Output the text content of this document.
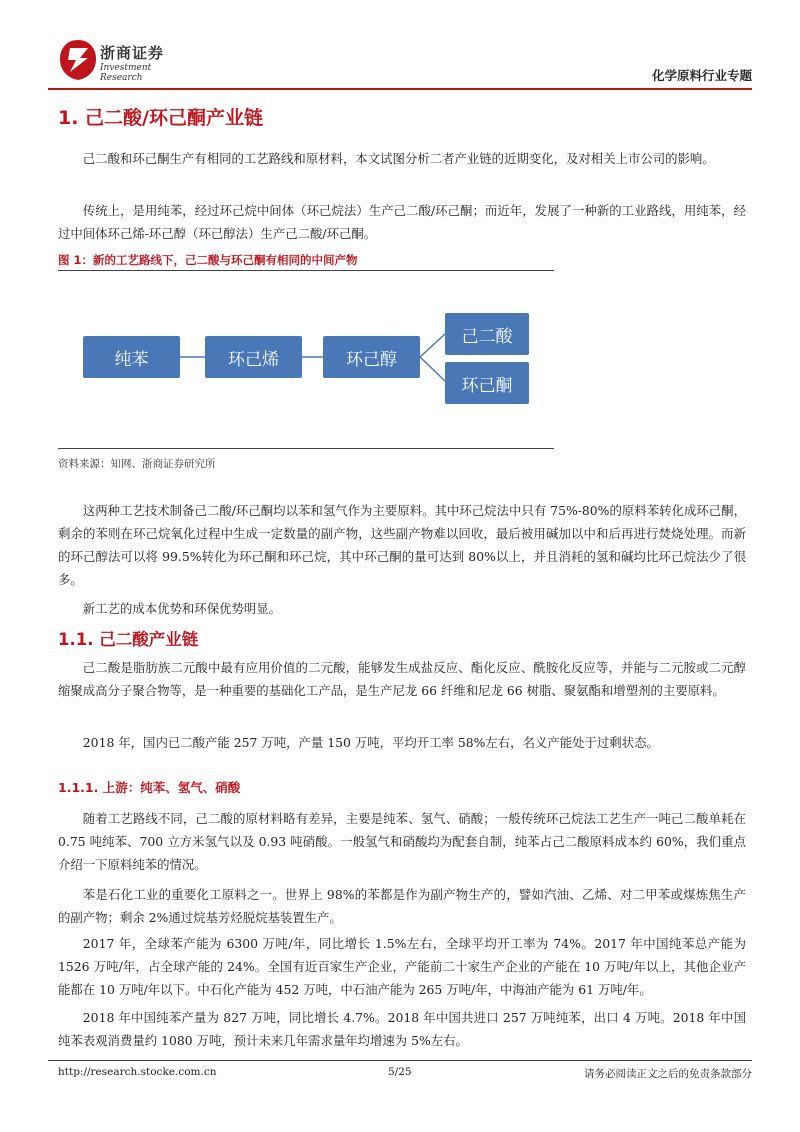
浙商证券
Investment Research	化学原料行业专题
1. 己二酸/环己酮产业链

己二酸和环己酮生产有相同的工艺路线和原材料，本文试图分析二者产业链的近期变化，及对相关上市公司的影响。

传统上，是用纯苯，经过环己烷中间体（环己烷法）生产己二酸/环己酮；而近年，发展了一种新的工业路线，用纯苯，经过中间体环己烯-环己醇（环己醇法）生产己二酸/环己酮。

图 1：新的工艺路线下，己二酸与环己酮有相同的中间产物
纯苯	环己烯	环己醇
己二酸
环己酮
资料来源：知网、浙商证券研究所

这两种工艺技术制备己二酸/环己酮均以苯和氢气作为主要原料。其中环己烷法中只有 75%-80%的原料苯转化成环己酮，剩余的苯则在环己烷氧化过程中生成一定数量的副产物，这些副产物难以回收，最后被用碱加以中和后再进行焚烧处理。而新的环己醇法可以将 99.5%转化为环己酮和环己烷，其中环己酮的量可达到 80%以上，并且消耗的氢和碱均比环己烷法少了很多。

新工艺的成本优势和环保优势明显。

1.1. 己二酸产业链

己二酸是脂肪族二元酸中最有应用价值的二元酸，能够发生成盐反应、酯化反应、酰胺化反应等，并能与二元胺或二元醇缩聚成高分子聚合物等，是一种重要的基础化工产品，是生产尼龙 66 纤维和尼龙 66 树脂、聚氨酯和增塑剂的主要原料。

2018 年，国内已二酸产能 257 万吨，产量 150 万吨，平均开工率 58%左右，名义产能处于过剩状态。

1.1.1. 上游：纯苯、氢气、硝酸

随着工艺路线不同，己二酸的原材料略有差异，主要是纯苯、氢气、硝酸；一般传统环己烷法工艺生产一吨己二酸单耗在 0.75 吨纯苯、700 立方米氢气以及 0.93 吨硝酸。一般氢气和硝酸均为配套自制，纯苯占己二酸原料成本约 60%，我们重点介绍一下原料纯苯的情况。

苯是石化工业的重要化工原料之一。世界上 98%的苯都是作为副产物生产的，譬如汽油、乙烯、对二甲苯或煤炼焦生产的副产物；剩余 2%通过烷基芳烃脱烷基装置生产。

2017 年，全球苯产能为 6300 万吨/年，同比增长 1.5%左右，全球平均开工率为 74%。2017 年中国纯苯总产能为 1526 万吨/年，占全球产能的 24%。全国有近百家生产企业，产能前二十家生产企业的产能在 10 万吨/年以上，其他企业产能都在 10 万吨/年以下。中石化产能为 452 万吨，中石油产能为 265 万吨/年，中海油产能为 61 万吨/年。

2018 年中国纯苯产量为 827 万吨，同比增长 4.7%。2018 年中国共进口 257 万吨纯苯，出口 4 万吨。2018 年中国纯苯表观消费量约 1080 万吨，预计未来几年需求量年均增速为 5%左右。

http://research.stocke.com.cn	5/25	请务必阅读正文之后的免责条款部分
